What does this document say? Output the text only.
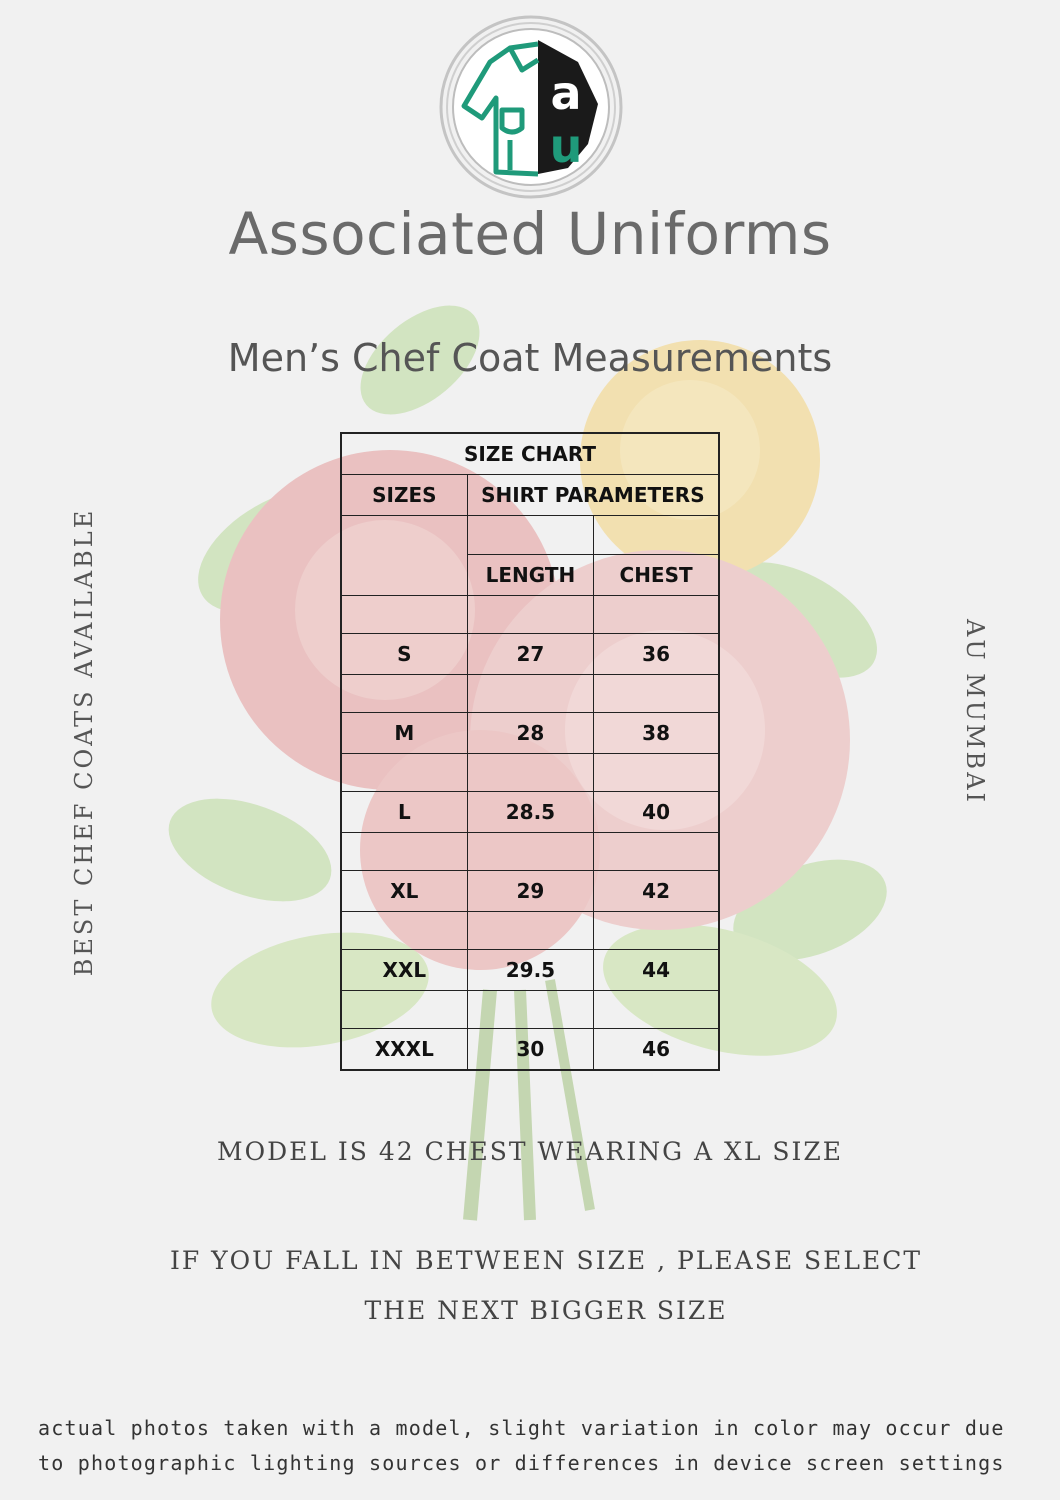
a
u
Associated Uniforms
Men’s Chef Coat Measurements
BEST CHEF COATS AVAILABLE	AU MUMBAI
SIZE CHART		
SIZES	SHIRT PARAMETERS	

	LENGTH	CHEST

S	27	36

M	28	38

L	28.5	40

XL	29	42

XXL	29.5	44

XXXL	30	46
MODEL IS 42 CHEST WEARING A XL SIZE
IF YOU FALL IN BETWEEN SIZE , PLEASE SELECT
THE NEXT BIGGER SIZE
actual photos taken with a model, slight variation in color may occur due
to photographic lighting sources or differences in device screen settings
